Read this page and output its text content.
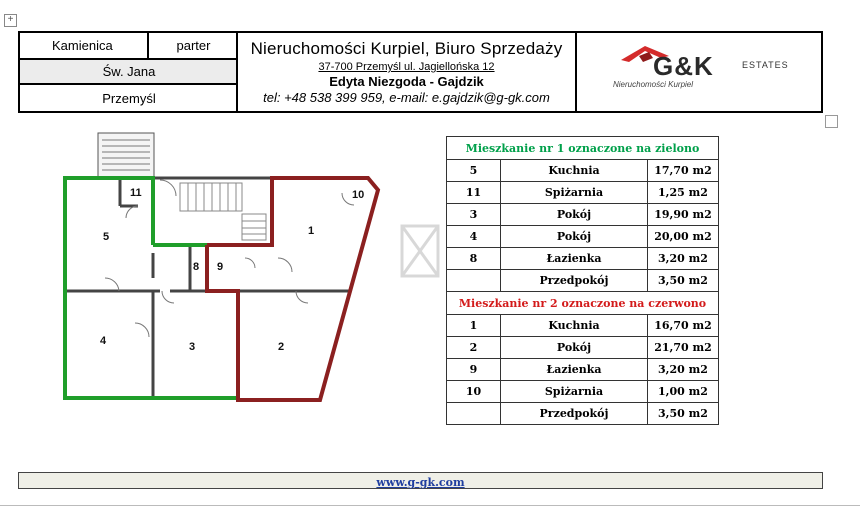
+
Kamienica	parter
Św. Jana
Przemyśl
Nieruchomości Kurpiel, Biuro Sprzedaży
37-700 Przemyśl ul. Jagiellońska 12
Edyta Niezgoda - Gajdzik
tel: +48 538 399 959, e-mail: e.gajdzik@g-gk.com
G&K	ESTATES
Nieruchomości Kurpiel
11	10
5	1
8 9
4	3	2
Mieszkanie nr 1 oznaczone na zielono		
5	Kuchnia	17,70 m2
11	Spiżarnia	1,25 m2
3	Pokój	19,90 m2
4	Pokój	20,00 m2
8	Łazienka	3,20 m2
	Przedpokój	3,50 m2
Mieszkanie nr 2 oznaczone na czerwono		
1	Kuchnia	16,70 m2
2	Pokój	21,70 m2
9	Łazienka	3,20 m2
10	Spiżarnia	1,00 m2
	Przedpokój	3,50 m2
www.g-gk.com
